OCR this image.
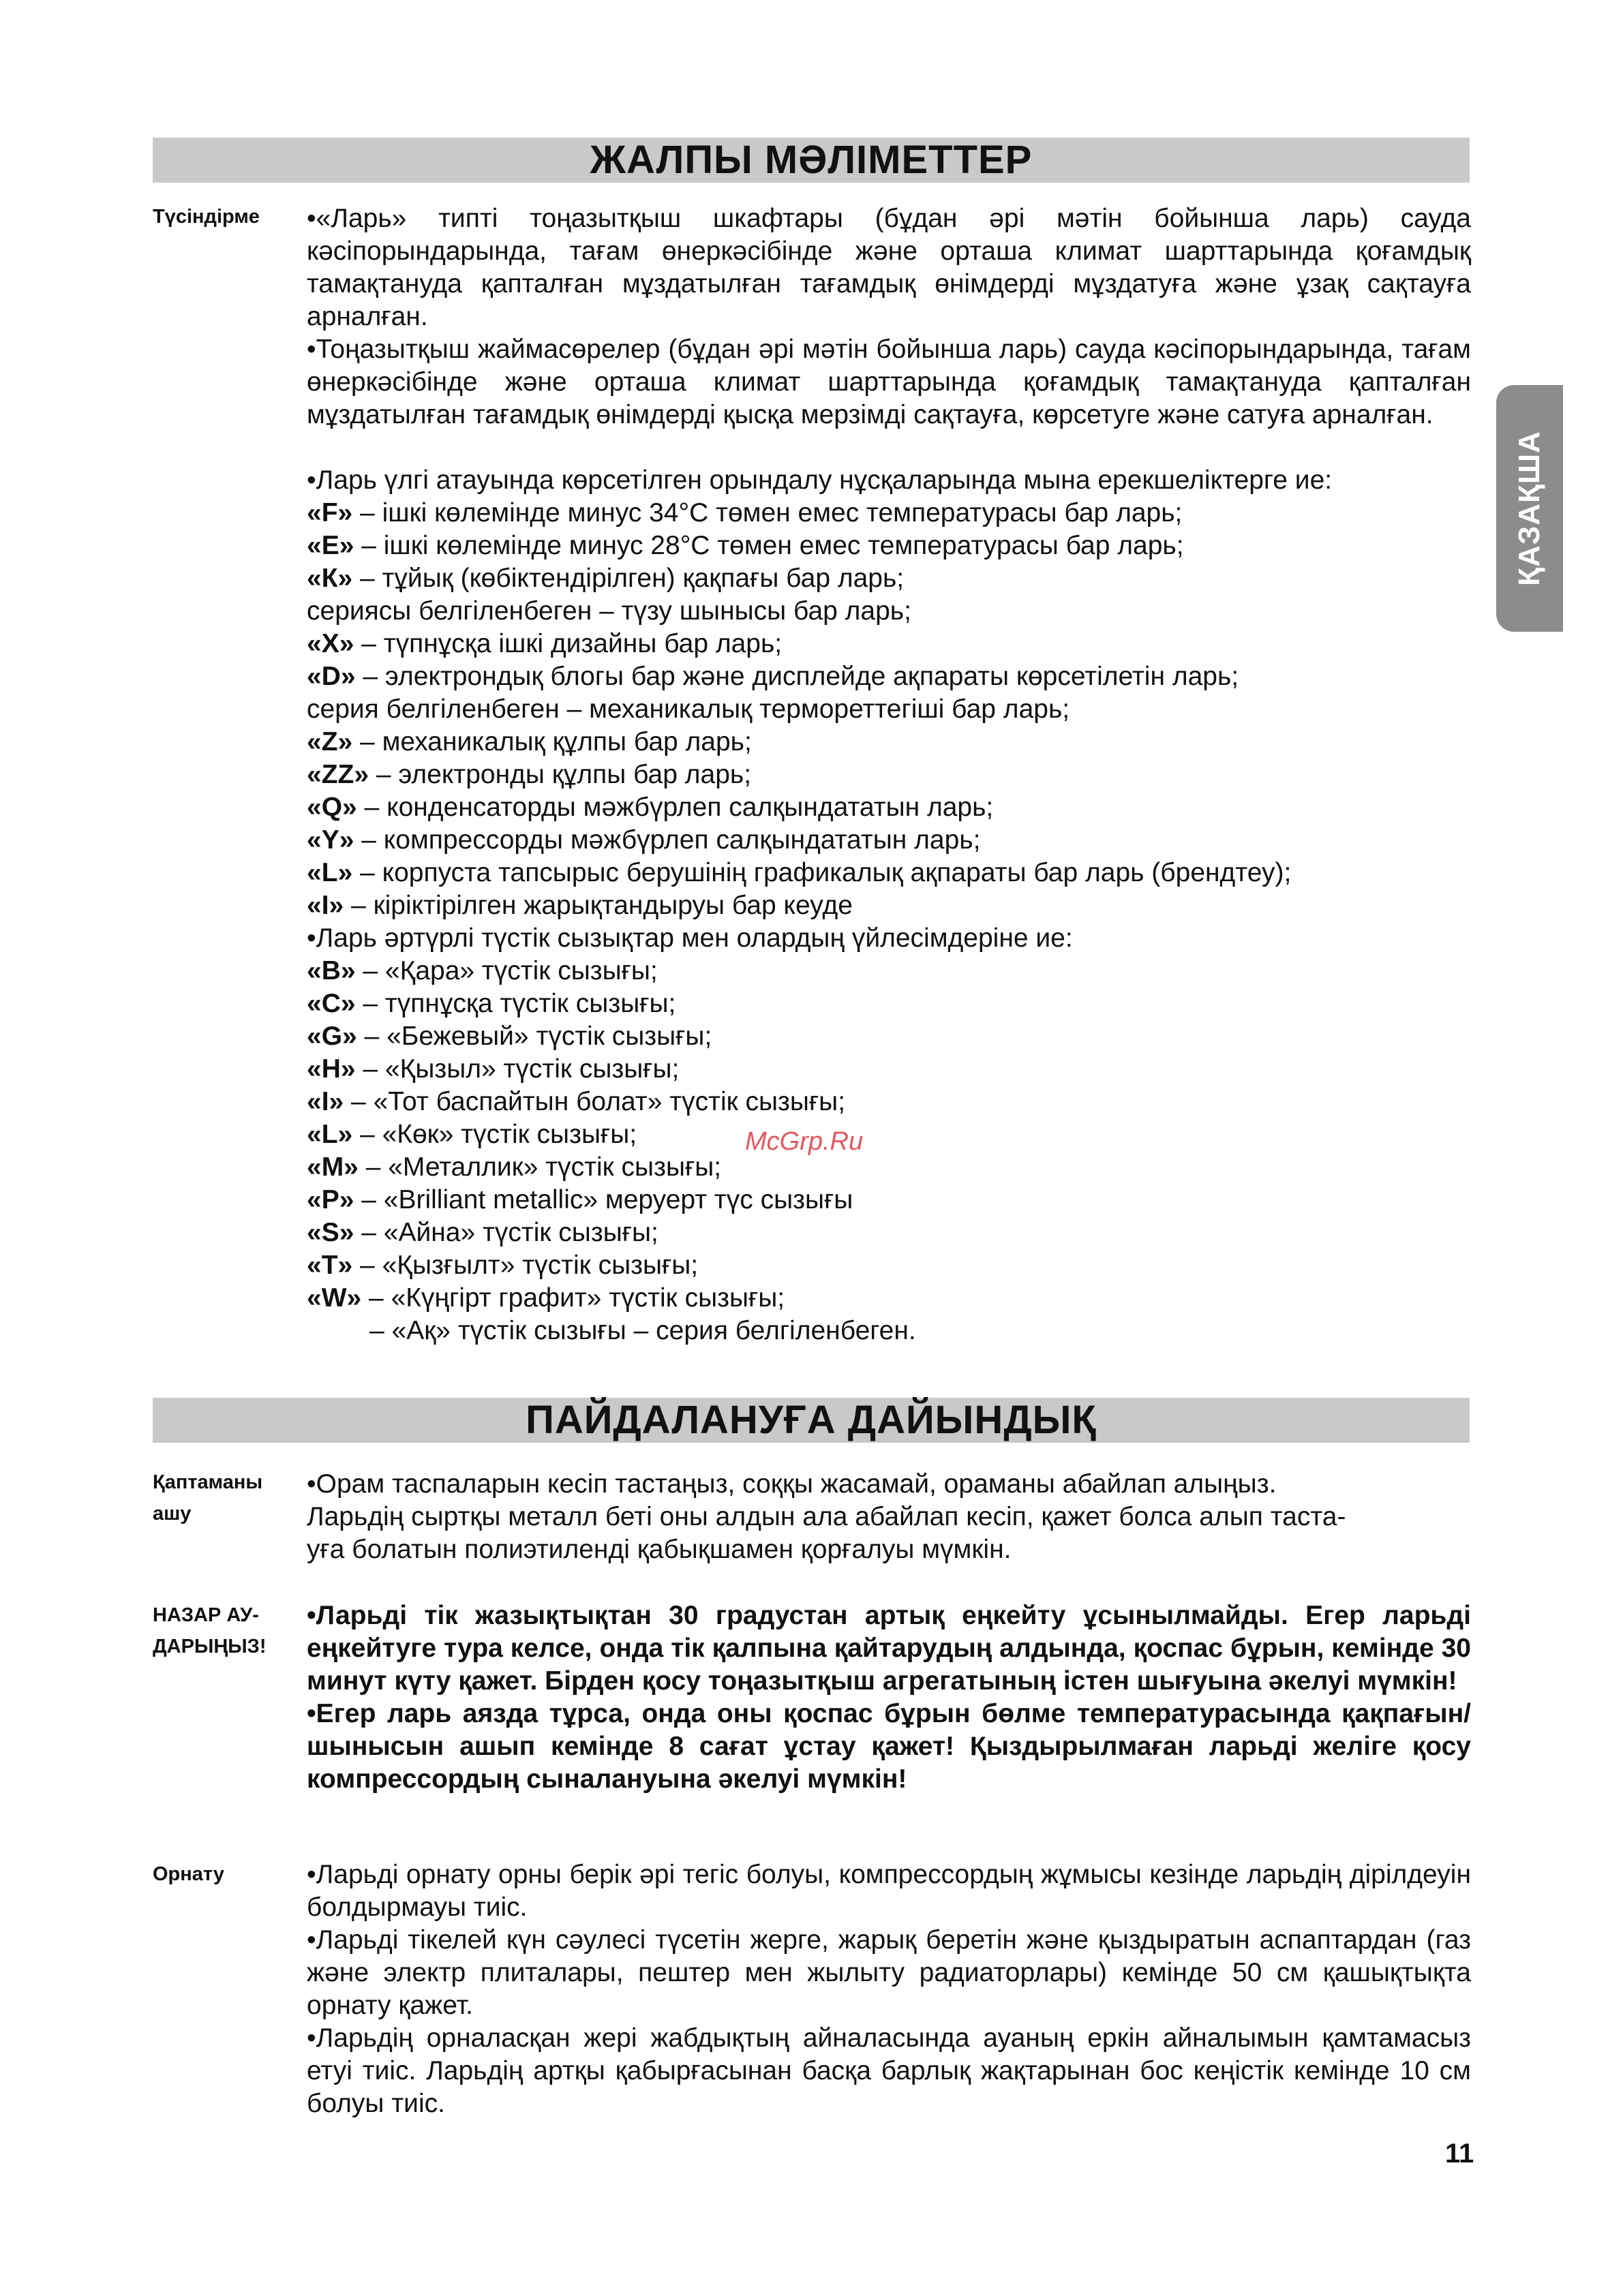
ЖАЛПЫ МӘЛІМЕТТЕР
ҚАЗАҚША
Түсіндірме	•«Ларь» типті тоңазытқыш шкафтары (бұдан әрі мәтін бойынша ларь) сауда кәсіпорындарында, тағам өнеркәсібінде және орташа климат шарттарында қоғамдық тамақтануда қапталған мұздатылған тағамдық өнімдерді мұздатуға және ұзақ сақтауға арналған.
•Тоңазытқыш жаймасөрелер (бұдан әрі мәтін бойынша ларь) сауда кәсіпорындарында, тағам өнеркәсібінде және орташа климат шарттарында қоғамдық тамақтануда қапталған мұздатылған тағамдық өнімдерді қысқа мерзімді сақтауға, көрсетуге және сатуға арналған.
•Ларь үлгі атауында көрсетілген орындалу нұсқаларында мына ерекшеліктерге ие:
«F» – ішкі көлемінде минус 34°С төмен емес температурасы бар ларь;
«E» – ішкі көлемінде минус 28°С төмен емес температурасы бар ларь;
«К» – тұйық (көбіктендірілген) қақпағы бар ларь;
сериясы белгіленбеген – түзу шынысы бар ларь;
«X» – түпнұсқа ішкі дизайны бар ларь;
«D» – электрондық блогы бар және дисплейде ақпараты көрсетілетін ларь;
серия белгіленбеген – механикалық термореттегіші бар ларь;
«Z» – механикалық құлпы бар ларь;
«ZZ» – электронды құлпы бар ларь;
«Q» – конденсаторды мәжбүрлеп салқындататын ларь;
«Y» – компрессорды мәжбүрлеп салқындататын ларь;
«L» – корпуста тапсырыс берушінің графикалық ақпараты бар ларь (брендтеу);
«I» – кіріктірілген жарықтандыруы бар кеуде
•Ларь әртүрлі түстік сызықтар мен олардың үйлесімдеріне ие:
«B» – «Қара» түстік сызығы;
«C» – түпнұсқа түстік сызығы;
«G» – «Бежевый» түстік сызығы;
«H» – «Қызыл» түстік сызығы;
«I» – «Тот баспайтын болат» түстік сызығы;
«L» – «Көк» түстік сызығы;
«M» – «Металлик» түстік сызығы;
«P» – «Brilliant metallic» меруерт түс сызығы
«S» – «Айна» түстік сызығы;
«T» – «Қызғылт» түстік сызығы;
«W» – «Күңгірт графит» түстік сызығы;
– «Ақ» түстік сызығы – серия белгіленбеген.
McGrp.Ru
ПАЙДАЛАНУҒА ДАЙЫНДЫҚ
Қаптаманы
ашу
•Орам таспаларын кесіп тастаңыз, соққы жасамай, ораманы абайлап алыңыз.
Ларьдің сыртқы металл беті оны алдын ала абайлап кесіп, қажет болса алып таста-
уға болатын полиэтиленді қабықшамен қорғалуы мүмкін.
НАЗАР АУ-
ДАРЫҢЫЗ!
•Ларьді тік жазықтықтан 30 градустан артық еңкейту ұсынылмайды. Егер ларьді еңкейтуге тура келсе, онда тік қалпына қайтарудың алдында, қоспас бұрын, кемінде 30 минут күту қажет. Бірден қосу тоңазытқыш агрегатының істен шығуына әкелуі мүмкін!
•Егер ларь аязда тұрса, онда оны қоспас бұрын бөлме температурасында қақпағын/шынысын ашып кемінде 8 сағат ұстау қажет! Қыздырылмаған ларьді желіге қосу компрессордың сыналануына әкелуі мүмкін!
Орнату	•Ларьді орнату орны берік әрі тегіс болуы, компрессордың жұмысы кезінде ларьдің дірілдеуін болдырмауы тиіс.
•Ларьді тікелей күн сәулесі түсетін жерге, жарық беретін және қыздыратын аспаптардан (газ және электр плиталары, пештер мен жылыту радиаторлары) кемінде 50 см қашықтықта орнату қажет.
•Ларьдің орналасқан жері жабдықтың айналасында ауаның еркін айналымын қамтамасыз етуі тиіс. Ларьдің артқы қабырғасынан басқа барлық жақтарынан бос кеңістік кемінде 10 см болуы тиіс.
11
